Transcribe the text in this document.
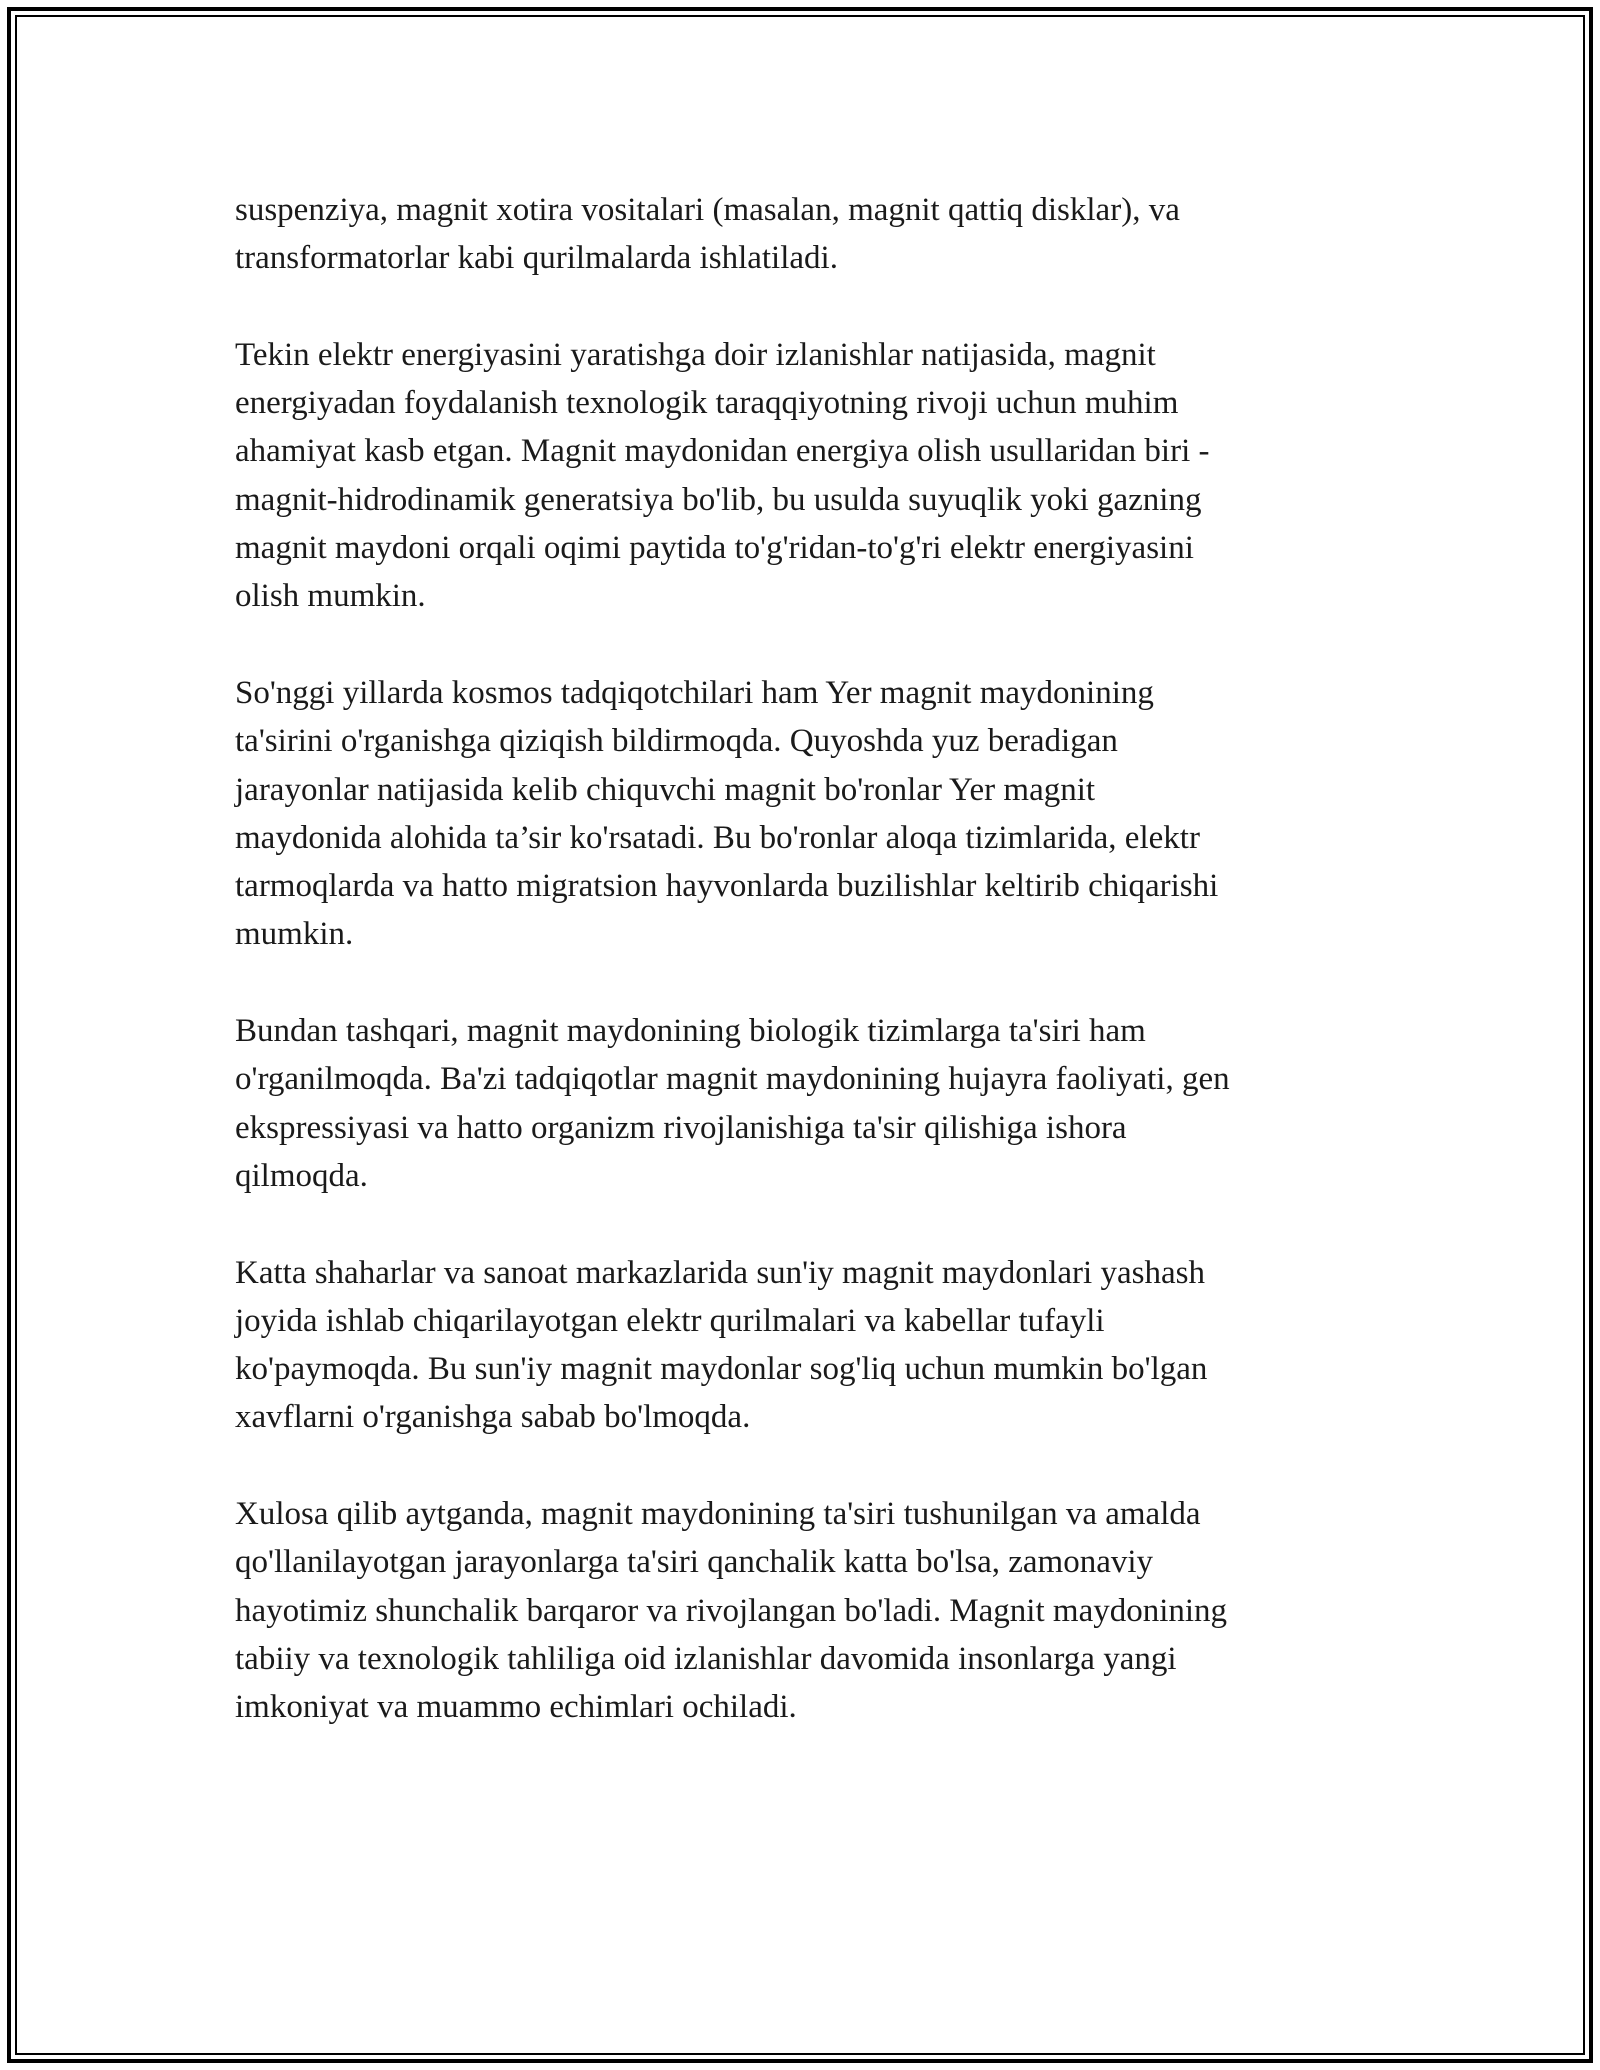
suspenziya, magnit xotira vositalari (masalan, magnit qattiq disklar), va
transformatorlar kabi qurilmalarda ishlatiladi.

Tekin elektr energiyasini yaratishga doir izlanishlar natijasida, magnit
energiyadan foydalanish texnologik taraqqiyotning rivoji uchun muhim
ahamiyat kasb etgan. Magnit maydonidan energiya olish usullaridan biri -
magnit-hidrodinamik generatsiya bo'lib, bu usulda suyuqlik yoki gazning
magnit maydoni orqali oqimi paytida to'g'ridan-to'g'ri elektr energiyasini
olish mumkin.

So'nggi yillarda kosmos tadqiqotchilari ham Yer magnit maydonining
ta'sirini o'rganishga qiziqish bildirmoqda. Quyoshda yuz beradigan
jarayonlar natijasida kelib chiquvchi magnit bo'ronlar Yer magnit
maydonida alohida ta’sir ko'rsatadi. Bu bo'ronlar aloqa tizimlarida, elektr
tarmoqlarda va hatto migratsion hayvonlarda buzilishlar keltirib chiqarishi
mumkin.

Bundan tashqari, magnit maydonining biologik tizimlarga ta'siri ham
o'rganilmoqda. Ba'zi tadqiqotlar magnit maydonining hujayra faoliyati, gen
ekspressiyasi va hatto organizm rivojlanishiga ta'sir qilishiga ishora
qilmoqda.

Katta shaharlar va sanoat markazlarida sun'iy magnit maydonlari yashash
joyida ishlab chiqarilayotgan elektr qurilmalari va kabellar tufayli
ko'paymoqda. Bu sun'iy magnit maydonlar sog'liq uchun mumkin bo'lgan
xavflarni o'rganishga sabab bo'lmoqda.

Xulosa qilib aytganda, magnit maydonining ta'siri tushunilgan va amalda
qo'llanilayotgan jarayonlarga ta'siri qanchalik katta bo'lsa, zamonaviy
hayotimiz shunchalik barqaror va rivojlangan bo'ladi. Magnit maydonining
tabiiy va texnologik tahliliga oid izlanishlar davomida insonlarga yangi
imkoniyat va muammo echimlari ochiladi.
